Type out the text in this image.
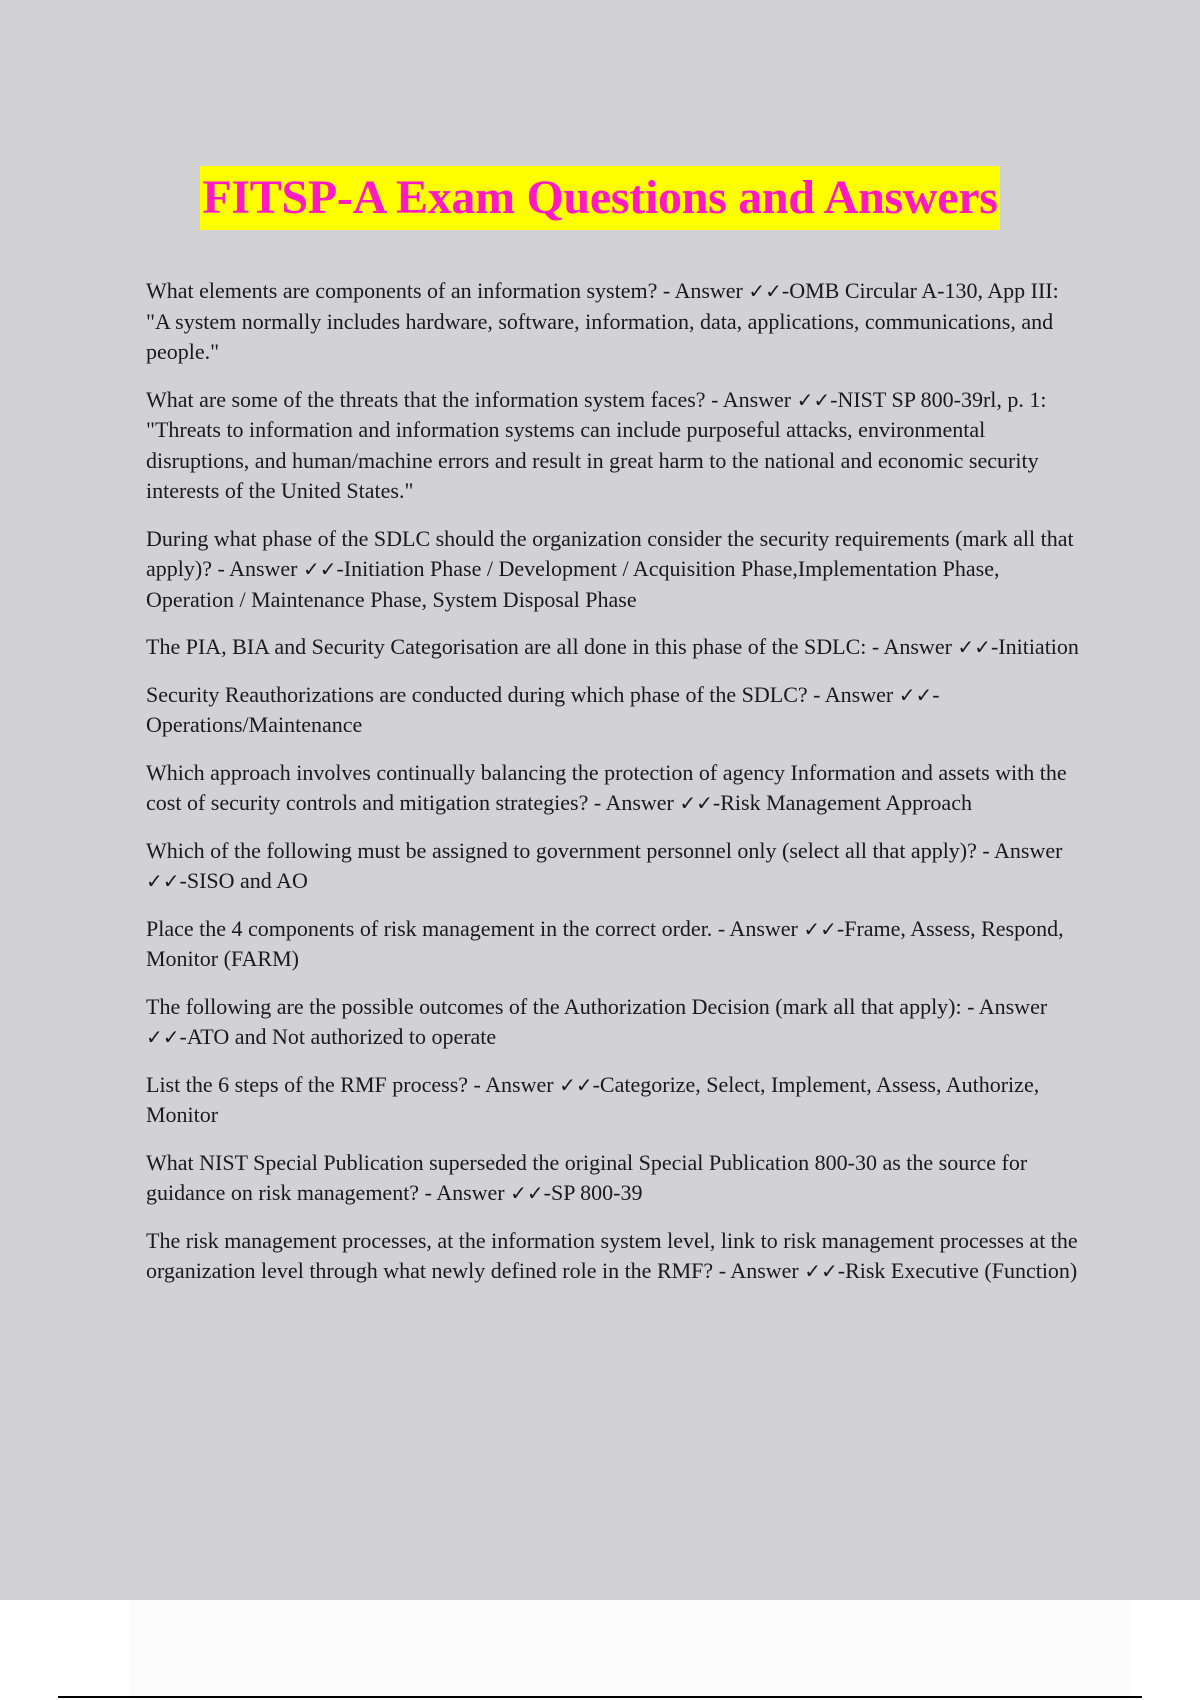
FITSP-A Exam Questions and Answers

What elements are components of an information system? - Answer ✓✓-OMB Circular A-130, App III: "A system normally includes hardware, software, information, data, applications, communications, and people."

What are some of the threats that the information system faces? - Answer ✓✓-NIST SP 800-39rl, p. 1: "Threats to information and information systems can include purposeful attacks, environmental disruptions, and human/machine errors and result in great harm to the national and economic security interests of the United States."

During what phase of the SDLC should the organization consider the security requirements (mark all that apply)? - Answer ✓✓-Initiation Phase / Development / Acquisition Phase,Implementation Phase, Operation / Maintenance Phase, System Disposal Phase

The PIA, BIA and Security Categorisation are all done in this phase of the SDLC: - Answer ✓✓-Initiation

Security Reauthorizations are conducted during which phase of the SDLC? - Answer ✓✓-Operations/Maintenance

Which approach involves continually balancing the protection of agency Information and assets with the cost of security controls and mitigation strategies? - Answer ✓✓-Risk Management Approach

Which of the following must be assigned to government personnel only (select all that apply)? - Answer ✓✓-SISO and AO

Place the 4 components of risk management in the correct order. - Answer ✓✓-Frame, Assess, Respond, Monitor (FARM)

The following are the possible outcomes of the Authorization Decision (mark all that apply): - Answer ✓✓-ATO and Not authorized to operate

List the 6 steps of the RMF process? - Answer ✓✓-Categorize, Select, Implement, Assess, Authorize, Monitor

What NIST Special Publication superseded the original Special Publication 800-30 as the source for guidance on risk management? - Answer ✓✓-SP 800-39

The risk management processes, at the information system level, link to risk management processes at the organization level through what newly defined role in the RMF? - Answer ✓✓-Risk Executive (Function)
